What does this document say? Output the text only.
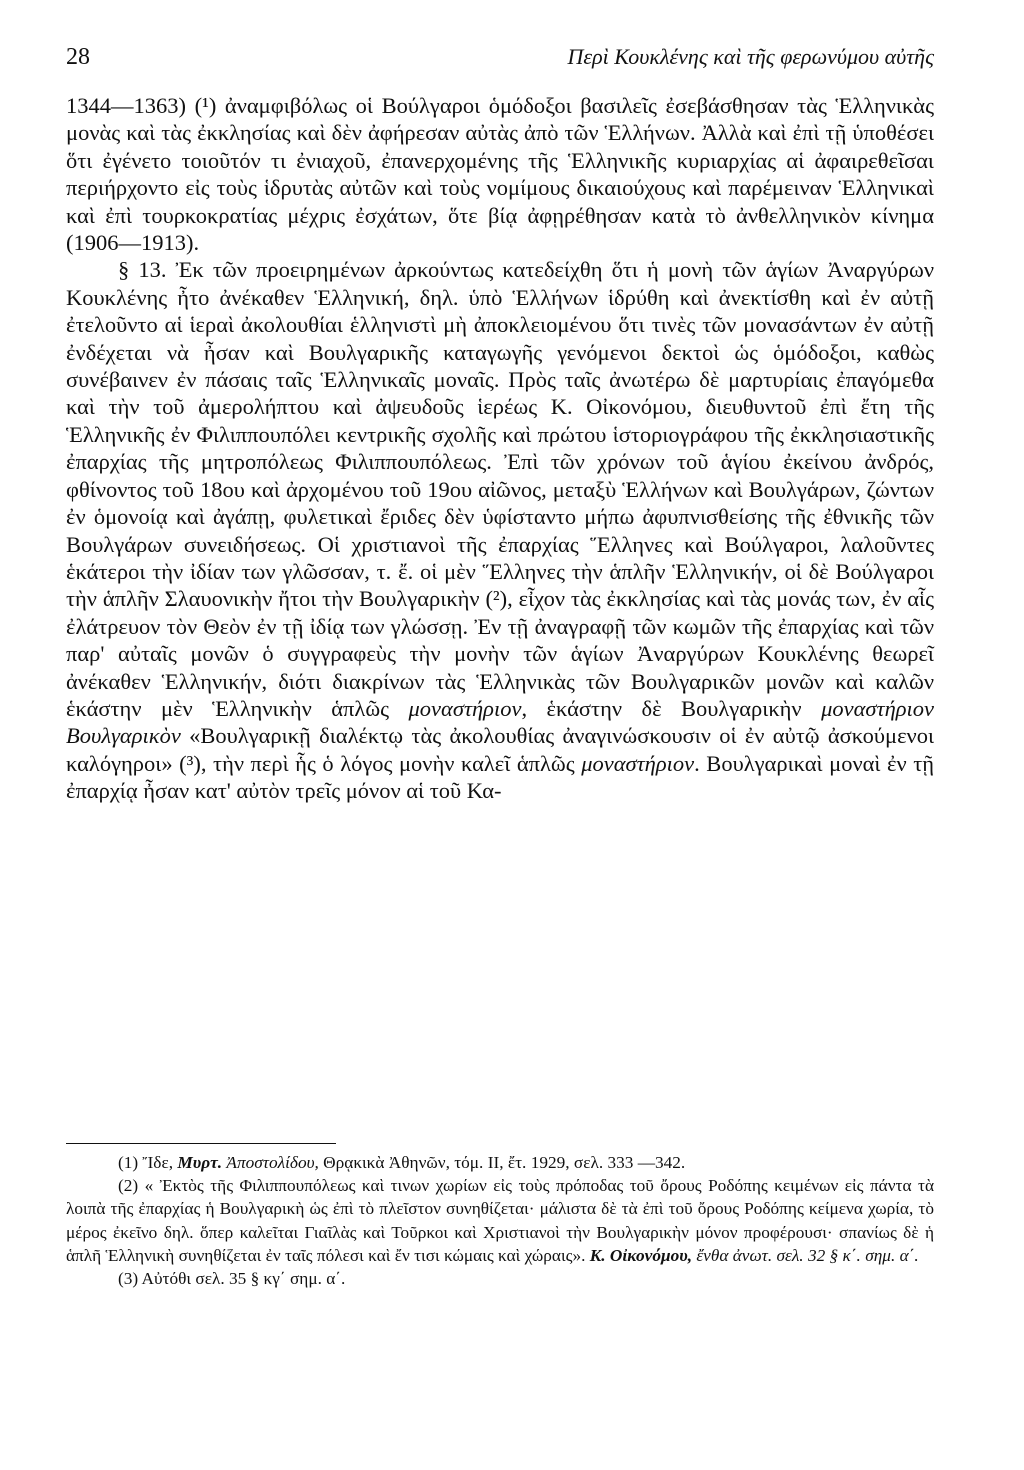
28	Περὶ Κουκλένης καὶ τῆς φερωνύμου αὐτῆς

1344—1363) (¹) ἀναμφιβόλως οἱ Βούλγαροι ὁμόδοξοι βασιλεῖς ἐσεβάσθησαν τὰς Ἑλληνικὰς μονὰς καὶ τὰς ἐκκλησίας καὶ δὲν ἀφήρεσαν αὐτὰς ἀπὸ τῶν Ἑλλήνων. Ἀλλὰ καὶ ἐπὶ τῇ ὑποθέσει ὅτι ἐγένετο τοιοῦτόν τι ἐνιαχοῦ, ἐπανερχομένης τῆς Ἑλληνικῆς κυριαρχίας αἱ ἀφαιρεθεῖσαι περιήρχοντο εἰς τοὺς ἱδρυτὰς αὐτῶν καὶ τοὺς νομίμους δικαιούχους καὶ παρέμειναν Ἑλληνικαὶ καὶ ἐπὶ τουρκοκρατίας μέχρις ἐσχάτων, ὅτε βίᾳ ἀφῃρέθησαν κατὰ τὸ ἀνθελληνικὸν κίνημα (1906—1913).

§ 13. Ἐκ τῶν προειρημένων ἀρκούντως κατεδείχθη ὅτι ἡ μονὴ τῶν ἁγίων Ἀναργύρων Κουκλένης ἦτο ἀνέκαθεν Ἑλληνική, δηλ. ὑπὸ Ἑλλήνων ἱδρύθη καὶ ἀνεκτίσθη καὶ ἐν αὐτῇ ἐτελοῦντο αἱ ἱεραὶ ἀκολουθίαι ἑλληνιστὶ μὴ ἀποκλειομένου ὅτι τινὲς τῶν μονασάντων ἐν αὐτῇ ἐνδέχεται νὰ ἦσαν καὶ Βουλγαρικῆς καταγωγῆς γενόμενοι δεκτοὶ ὡς ὁμόδοξοι, καθὼς συνέβαινεν ἐν πάσαις ταῖς Ἑλληνικαῖς μοναῖς. Πρὸς ταῖς ἀνωτέρω δὲ μαρτυρίαις ἐπαγόμεθα καὶ τὴν τοῦ ἀμερολήπτου καὶ ἀψευδοῦς ἱερέως Κ. Οἰκονόμου, διευθυντοῦ ἐπὶ ἔτη τῆς Ἑλληνικῆς ἐν Φιλιππουπόλει κεντρικῆς σχολῆς καὶ πρώτου ἱστοριογράφου τῆς ἐκκλησιαστικῆς ἐπαρχίας τῆς μητροπόλεως Φιλιππουπόλεως. Ἐπὶ τῶν χρόνων τοῦ ἁγίου ἐκείνου ἀνδρός, φθίνοντος τοῦ 18ου καὶ ἀρχομένου τοῦ 19ου αἰῶνος, μεταξὺ Ἑλλήνων καὶ Βουλγάρων, ζώντων ἐν ὁμονοίᾳ καὶ ἀγάπῃ, φυλετικαὶ ἔριδες δὲν ὑφίσταντο μήπω ἀφυπνισθείσης τῆς ἐθνικῆς τῶν Βουλγάρων συνειδήσεως. Οἱ χριστιανοὶ τῆς ἐπαρχίας Ἕλληνες καὶ Βούλγαροι, λαλοῦντες ἑκάτεροι τὴν ἰδίαν των γλῶσσαν, τ. ἔ. οἱ μὲν Ἕλληνες τὴν ἁπλῆν Ἑλληνικήν, οἱ δὲ Βούλγαροι τὴν ἁπλῆν Σλαυονικὴν ἤτοι τὴν Βουλγαρικὴν (²), εἶχον τὰς ἐκκλησίας καὶ τὰς μονάς των, ἐν αἷς ἐλάτρευον τὸν Θεὸν ἐν τῇ ἰδίᾳ των γλώσσῃ. Ἐν τῇ ἀναγραφῇ τῶν κωμῶν τῆς ἐπαρχίας καὶ τῶν παρ' αὐταῖς μονῶν ὁ συγγραφεὺς τὴν μονὴν τῶν ἁγίων Ἀναργύρων Κουκλένης θεωρεῖ ἀνέκαθεν Ἑλληνικήν, διότι διακρίνων τὰς Ἑλληνικὰς τῶν Βουλγαρικῶν μονῶν καὶ καλῶν ἑκάστην μὲν Ἑλληνικὴν ἁπλῶς μοναστήριον, ἑκάστην δὲ Βουλγαρικὴν μοναστήριον Βουλγαρικὸν «Βουλγαρικῇ διαλέκτῳ τὰς ἀκολουθίας ἀναγινώσκουσιν οἱ ἐν αὐτῷ ἀσκούμενοι καλόγηροι» (³), τὴν περὶ ἧς ὁ λόγος μονὴν καλεῖ ἁπλῶς μοναστήριον. Βουλγαρικαὶ μοναὶ ἐν τῇ ἐπαρχίᾳ ἦσαν κατ' αὐτὸν τρεῖς μόνον αἱ τοῦ Κα-

(1) Ἴδε, Μυρτ. Ἀποστολίδου, Θρᾳκικὰ Ἀθηνῶν, τόμ. ΙΙ, ἔτ. 1929, σελ. 333 —342.

(2) « Ἐκτὸς τῆς Φιλιππουπόλεως καὶ τινων χωρίων εἰς τοὺς πρόποδας τοῦ ὄρους Ροδόπης κειμένων εἰς πάντα τὰ λοιπὰ τῆς ἐπαρχίας ἡ Βουλγαρικὴ ὡς ἐπὶ τὸ πλεῖστον συνηθίζεται· μάλιστα δὲ τὰ ἐπὶ τοῦ ὄρους Ροδόπης κείμενα χωρία, τὸ μέρος ἐκεῖνο δηλ. ὅπερ καλεῖται Γιαῖλὰς καὶ Τοῦρκοι καὶ Χριστιανοὶ τὴν Βουλγαρικὴν μόνον προφέρουσι· σπανίως δὲ ἡ ἁπλῆ Ἑλληνικὴ συνηθίζεται ἐν ταῖς πόλεσι καὶ ἔν τισι κώμαις καὶ χώραις». Κ. Οἰκονόμου, ἔνθα ἀνωτ. σελ. 32 § κ΄. σημ. α΄.

(3) Αὐτόθι σελ. 35 § κγ΄ σημ. α΄.
